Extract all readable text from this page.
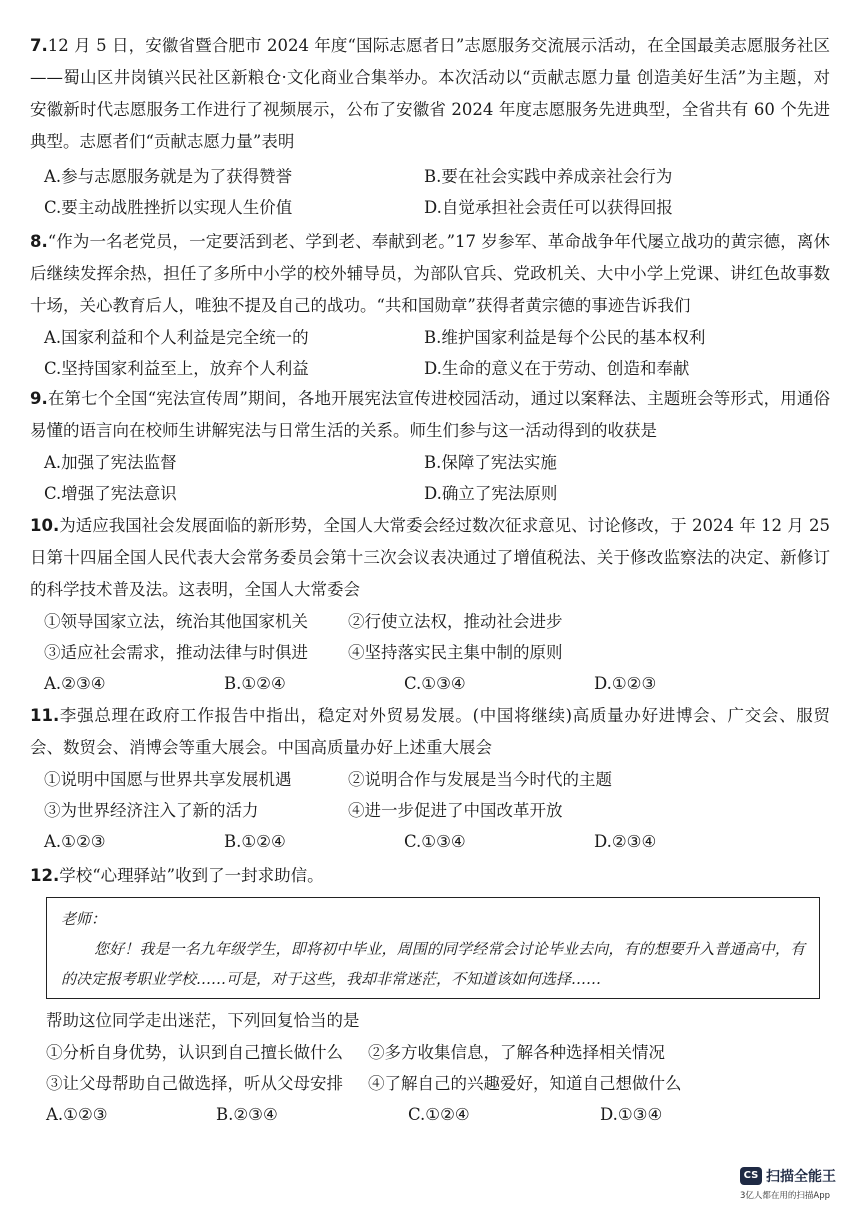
7.12 月 5 日，安徽省暨合肥市 2024 年度“国际志愿者日”志愿服务交流展示活动，在全国最美志愿服务社区——蜀山区井岗镇兴民社区新粮仓·文化商业合集举办。本次活动以“贡献志愿力量 创造美好生活”为主题，对安徽新时代志愿服务工作进行了视频展示，公布了安徽省 2024 年度志愿服务先进典型，全省共有 60 个先进典型。志愿者们“贡献志愿力量”表明
A.参与志愿服务就是为了获得赞誉	B.要在社会实践中养成亲社会行为
C.要主动战胜挫折以实现人生价值	D.自觉承担社会责任可以获得回报
8.“作为一名老党员，一定要活到老、学到老、奉献到老。”17 岁参军、革命战争年代屡立战功的黄宗德，离休后继续发挥余热，担任了多所中小学的校外辅导员，为部队官兵、党政机关、大中小学上党课、讲红色故事数十场，关心教育后人，唯独不提及自己的战功。“共和国勋章”获得者黄宗德的事迹告诉我们
A.国家利益和个人利益是完全统一的	B.维护国家利益是每个公民的基本权利
C.坚持国家利益至上，放弃个人利益	D.生命的意义在于劳动、创造和奉献
9.在第七个全国“宪法宣传周”期间，各地开展宪法宣传进校园活动，通过以案释法、主题班会等形式，用通俗易懂的语言向在校师生讲解宪法与日常生活的关系。师生们参与这一活动得到的收获是
A.加强了宪法监督	B.保障了宪法实施
C.增强了宪法意识	D.确立了宪法原则
10.为适应我国社会发展面临的新形势，全国人大常委会经过数次征求意见、讨论修改，于 2024 年 12 月 25 日第十四届全国人民代表大会常务委员会第十三次会议表决通过了增值税法、关于修改监察法的决定、新修订的科学技术普及法。这表明，全国人大常委会
①领导国家立法，统治其他国家机关	②行使立法权，推动社会进步
③适应社会需求，推动法律与时俱进	④坚持落实民主集中制的原则
A.②③④	B.①②④	C.①③④	D.①②③
11.李强总理在政府工作报告中指出，稳定对外贸易发展。(中国将继续)高质量办好进博会、广交会、服贸会、数贸会、消博会等重大展会。中国高质量办好上述重大展会
①说明中国愿与世界共享发展机遇	②说明合作与发展是当今时代的主题
③为世界经济注入了新的活力	④进一步促进了中国改革开放
A.①②③	B.①②④	C.①③④	D.②③④
12.学校“心理驿站”收到了一封求助信。
老师：
您好！我是一名九年级学生，即将初中毕业，周围的同学经常会讨论毕业去向，有的想要升入普通高中，有的决定报考职业学校……可是，对于这些，我却非常迷茫，不知道该如何选择……
帮助这位同学走出迷茫，下列回复恰当的是
①分析自身优势，认识到自己擅长做什么	②多方收集信息，了解各种选择相关情况
③让父母帮助自己做选择，听从父母安排	④了解自己的兴趣爱好，知道自己想做什么
A.①②③	B.②③④	C.①②④	D.①③④
CS 扫描全能王
3亿人都在用的扫描App
